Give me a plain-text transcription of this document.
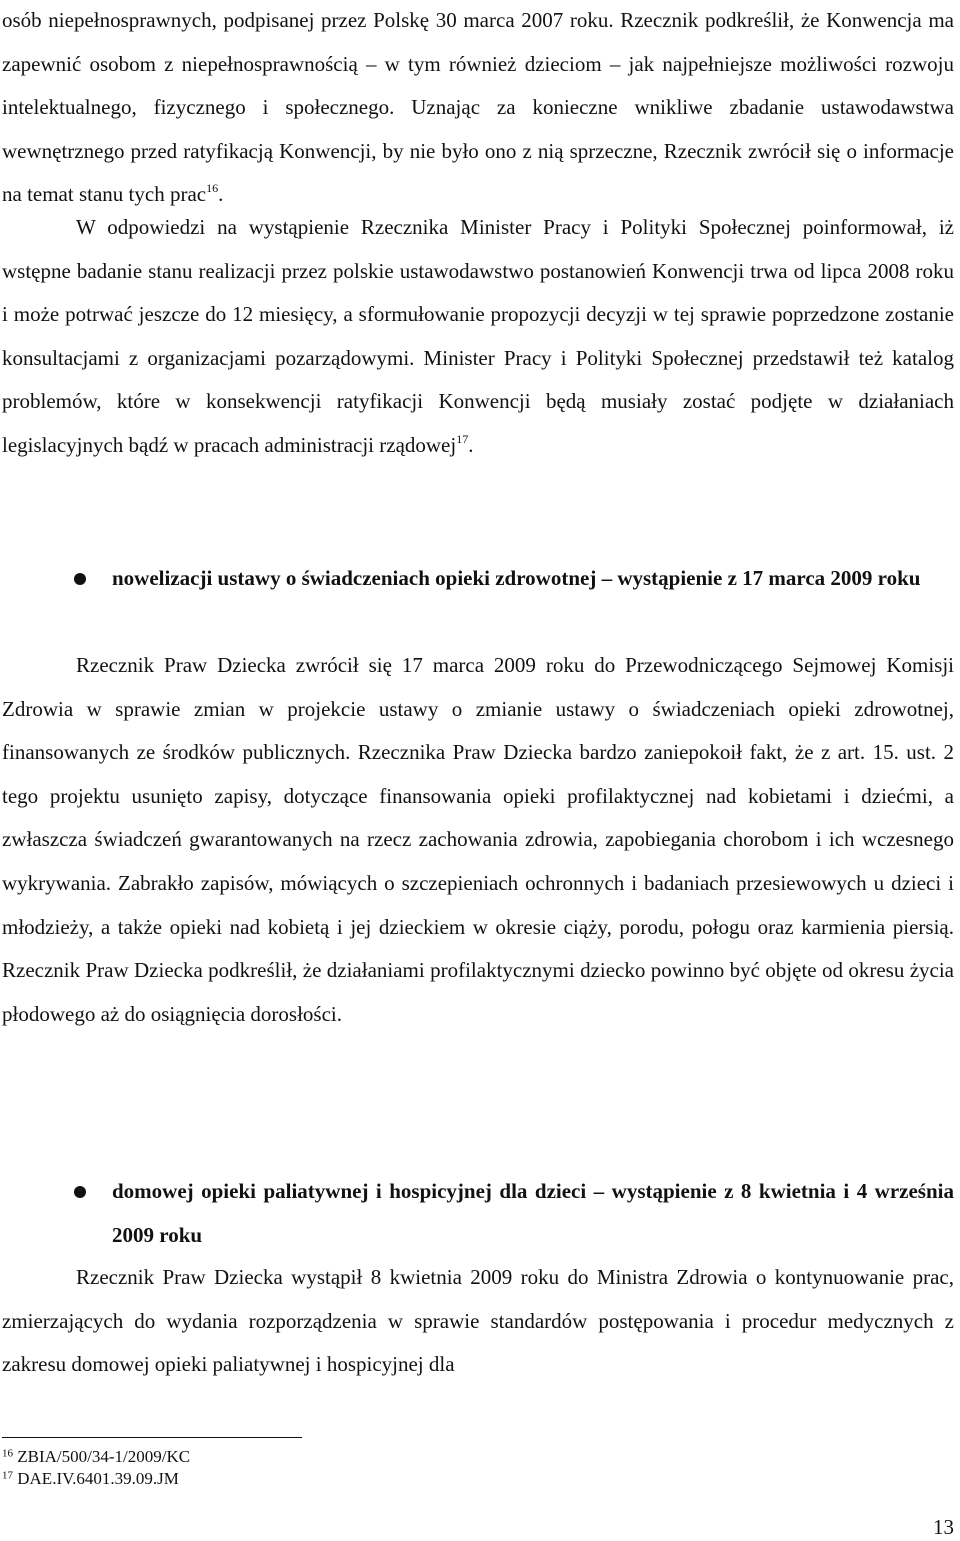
osób niepełnosprawnych, podpisanej przez Polskę 30 marca 2007 roku. Rzecznik podkreślił, że Konwencja ma zapewnić osobom z niepełnosprawnością – w tym również dzieciom – jak najpełniejsze możliwości rozwoju intelektualnego, fizycznego i społecznego. Uznając za konieczne wnikliwe zbadanie ustawodawstwa wewnętrznego przed ratyfikacją Konwencji, by nie było ono z nią sprzeczne, Rzecznik zwrócił się o informacje na temat stanu tych prac$^{16}$.

W odpowiedzi na wystąpienie Rzecznika Minister Pracy i Polityki Społecznej poinformował, iż wstępne badanie stanu realizacji przez polskie ustawodawstwo postanowień Konwencji trwa od lipca 2008 roku i może potrwać jeszcze do 12 miesięcy, a sformułowanie propozycji decyzji w tej sprawie poprzedzone zostanie konsultacjami z organizacjami pozarządowymi. Minister Pracy i Polityki Społecznej przedstawił też katalog problemów, które w konsekwencji ratyfikacji Konwencji będą musiały zostać podjęte w działaniach legislacyjnych bądź w pracach administracji rządowej$^{17}$.

nowelizacji ustawy o świadczeniach opieki zdrowotnej – wystąpienie z 17 marca 2009 roku

Rzecznik Praw Dziecka zwrócił się 17 marca 2009 roku do Przewodniczącego Sejmowej Komisji Zdrowia w sprawie zmian w projekcie ustawy o zmianie ustawy o świadczeniach opieki zdrowotnej, finansowanych ze środków publicznych. Rzecznika Praw Dziecka bardzo zaniepokoił fakt, że z art. 15. ust. 2 tego projektu usunięto zapisy, dotyczące finansowania opieki profilaktycznej nad kobietami i dziećmi, a zwłaszcza świadczeń gwarantowanych na rzecz zachowania zdrowia, zapobiegania chorobom i ich wczesnego wykrywania. Zabrakło zapisów, mówiących o szczepieniach ochronnych i badaniach przesiewowych u dzieci i młodzieży, a także opieki nad kobietą i jej dzieckiem w okresie ciąży, porodu, połogu oraz karmienia piersią. Rzecznik Praw Dziecka podkreślił, że działaniami profilaktycznymi dziecko powinno być objęte od okresu życia płodowego aż do osiągnięcia dorosłości.

domowej opieki paliatywnej i hospicyjnej dla dzieci – wystąpienie z 8 kwietnia i 4 września 2009 roku

Rzecznik Praw Dziecka wystąpił 8 kwietnia 2009 roku do Ministra Zdrowia o kontynuowanie prac, zmierzających do wydania rozporządzenia w sprawie standardów postępowania i procedur medycznych z zakresu domowej opieki paliatywnej i hospicyjnej dla

$^{16}$ ZBIA/500/34-1/2009/KC

$^{17}$ DAE.IV.6401.39.09.JM

13
